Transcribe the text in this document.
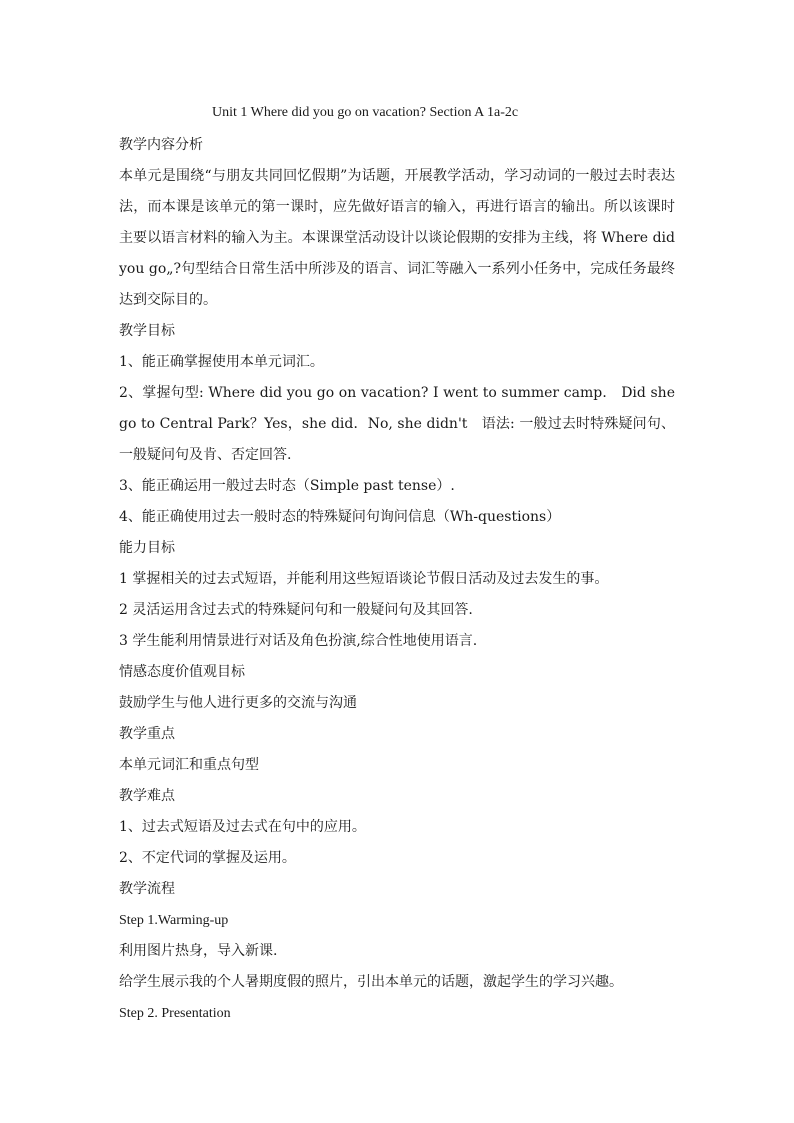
Unit 1 Where did you go on vacation? Section A 1a-2c
教学内容分析

本单元是围绕“与朋友共同回忆假期”为话题，开展教学活动，学习动词的一般过去时表达法，而本课是该单元的第一课时，应先做好语言的输入，再进行语言的输出。所以该课时主要以语言材料的输入为主。本课课堂活动设计以谈论假期的安排为主线，将 Where did you go„?句型结合日常生活中所涉及的语言、词汇等融入一系列小任务中，完成任务最终达到交际目的。

教学目标
1、能正确掌握使用本单元词汇。

2、掌握句型: Where did you go on vacation? I went to summer camp． Did she go to Central Park？Yes，she did．No, she didn't　语法: 一般过去时特殊疑问句、一般疑问句及肯、否定回答.

3、能正确运用一般过去时态（Simple past tense）.
4、能正确使用过去一般时态的特殊疑问句询问信息（Wh-questions）
能力目标
1 掌握相关的过去式短语，并能利用这些短语谈论节假日活动及过去发生的事。
2 灵活运用含过去式的特殊疑问句和一般疑问句及其回答.
3 学生能利用情景进行对话及角色扮演,综合性地使用语言.
情感态度价值观目标
鼓励学生与他人进行更多的交流与沟通
教学重点
本单元词汇和重点句型
教学难点
1、过去式短语及过去式在句中的应用。
2、不定代词的掌握及运用。
教学流程
Step 1.Warming-up
利用图片热身，导入新课.
给学生展示我的个人暑期度假的照片，引出本单元的话题，激起学生的学习兴趣。
Step 2. Presentation
